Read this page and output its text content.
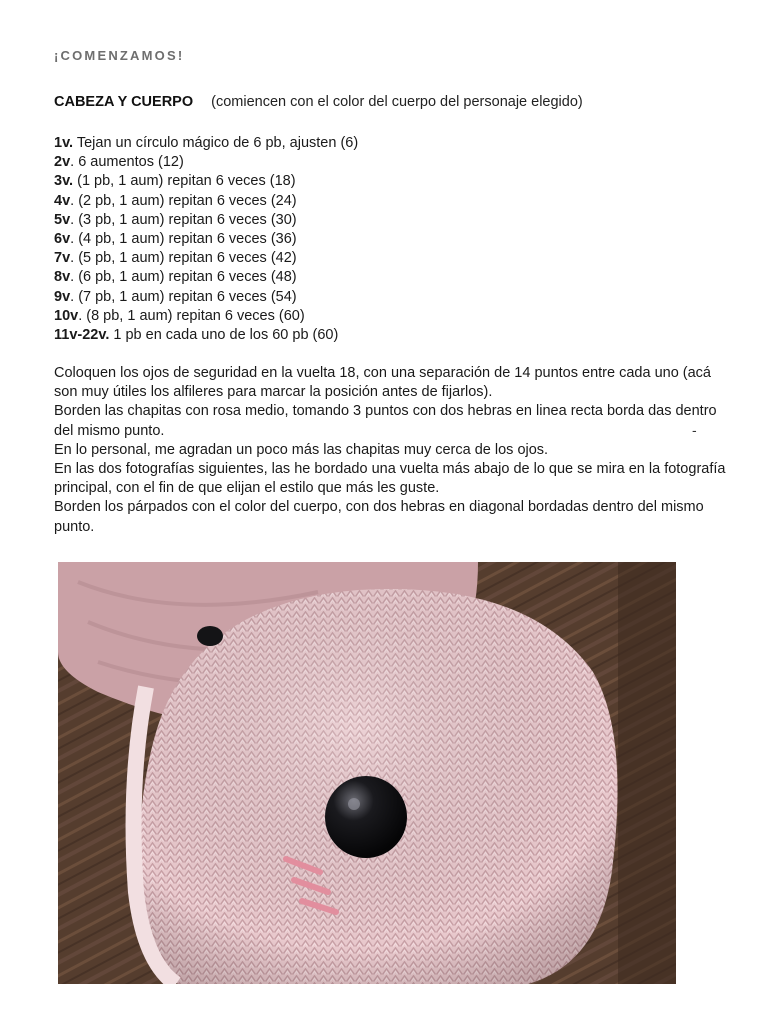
¡COMENZAMOS!
CABEZA Y CUERPO (comiencen con el color del cuerpo del personaje elegido)
1v. Tejan un círculo mágico de 6 pb, ajusten (6)
2v. 6 aumentos (12)
3v. (1 pb, 1 aum) repitan 6 veces (18)
4v. (2 pb, 1 aum) repitan 6 veces (24)
5v. (3 pb, 1 aum) repitan 6 veces (30)
6v. (4 pb, 1 aum) repitan 6 veces (36)
7v. (5 pb, 1 aum) repitan 6 veces (42)
8v. (6 pb, 1 aum) repitan 6 veces (48)
9v. (7 pb, 1 aum) repitan 6 veces (54)
10v. (8 pb, 1 aum) repitan 6 veces (60)
11v-22v. 1 pb en cada uno de los 60 pb (60)

Coloquen los ojos de seguridad en la vuelta 18, con una separación de 14 puntos entre cada uno (acá son muy útiles los alfileres para marcar la posición antes de fijarlos).

Borden las chapitas con rosa medio, tomando 3 puntos con dos hebras en linea recta borda das dentro del mismo punto.

En lo personal, me agradan un poco más las chapitas muy cerca de los ojos.

En las dos fotografías siguientes, las he bordado una vuelta más abajo de lo que se mira en la fotografía principal, con el fin de que elijan el estilo que más les guste.

Borden los párpados con el color del cuerpo, con dos hebras en diagonal bordadas dentro del mismo punto.

-
